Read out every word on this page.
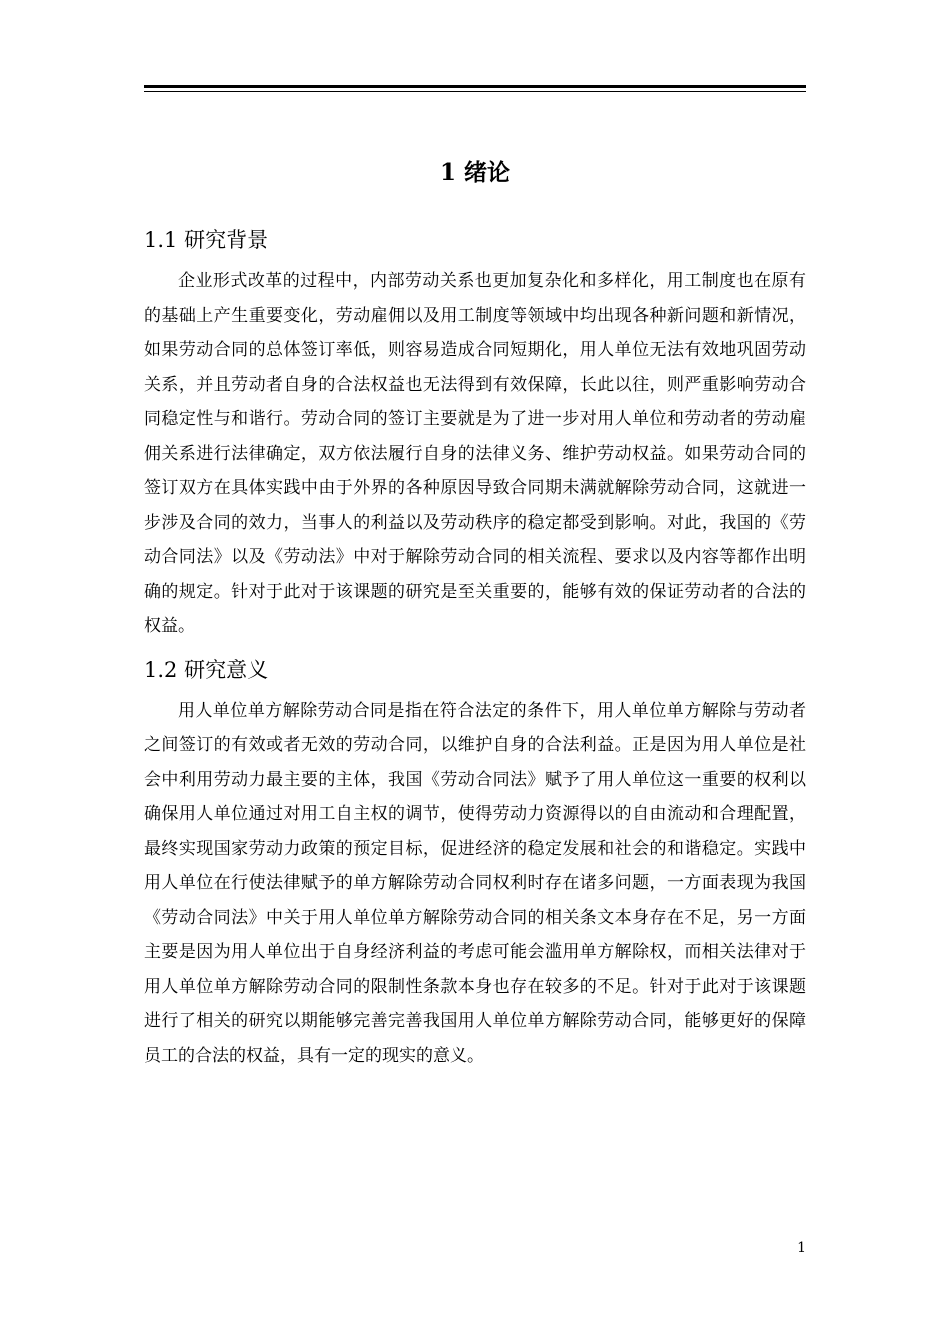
1 绪论
1.1 研究背景

企业形式改革的过程中，内部劳动关系也更加复杂化和多样化，用工制度也在原有的基础上产生重要变化，劳动雇佣以及用工制度等领域中均出现各种新问题和新情况，如果劳动合同的总体签订率低，则容易造成合同短期化，用人单位无法有效地巩固劳动关系，并且劳动者自身的合法权益也无法得到有效保障，长此以往，则严重影响劳动合同稳定性与和谐行。劳动合同的签订主要就是为了进一步对用人单位和劳动者的劳动雇佣关系进行法律确定，双方依法履行自身的法律义务、维护劳动权益。如果劳动合同的签订双方在具体实践中由于外界的各种原因导致合同期未满就解除劳动合同，这就进一步涉及合同的效力，当事人的利益以及劳动秩序的稳定都受到影响。对此，我国的《劳动合同法》以及《劳动法》中对于解除劳动合同的相关流程、要求以及内容等都作出明确的规定。针对于此对于该课题的研究是至关重要的，能够有效的保证劳动者的合法的权益。

1.2 研究意义

用人单位单方解除劳动合同是指在符合法定的条件下，用人单位单方解除与劳动者之间签订的有效或者无效的劳动合同，以维护自身的合法利益。正是因为用人单位是社会中利用劳动力最主要的主体，我国《劳动合同法》赋予了用人单位这一重要的权利以确保用人单位通过对用工自主权的调节，使得劳动力资源得以的自由流动和合理配置，最终实现国家劳动力政策的预定目标，促进经济的稳定发展和社会的和谐稳定。实践中用人单位在行使法律赋予的单方解除劳动合同权利时存在诸多问题，一方面表现为我国《劳动合同法》中关于用人单位单方解除劳动合同的相关条文本身存在不足，另一方面主要是因为用人单位出于自身经济利益的考虑可能会滥用单方解除权，而相关法律对于用人单位单方解除劳动合同的限制性条款本身也存在较多的不足。针对于此对于该课题进行了相关的研究以期能够完善完善我国用人单位单方解除劳动合同，能够更好的保障员工的合法的权益，具有一定的现实的意义。

1
